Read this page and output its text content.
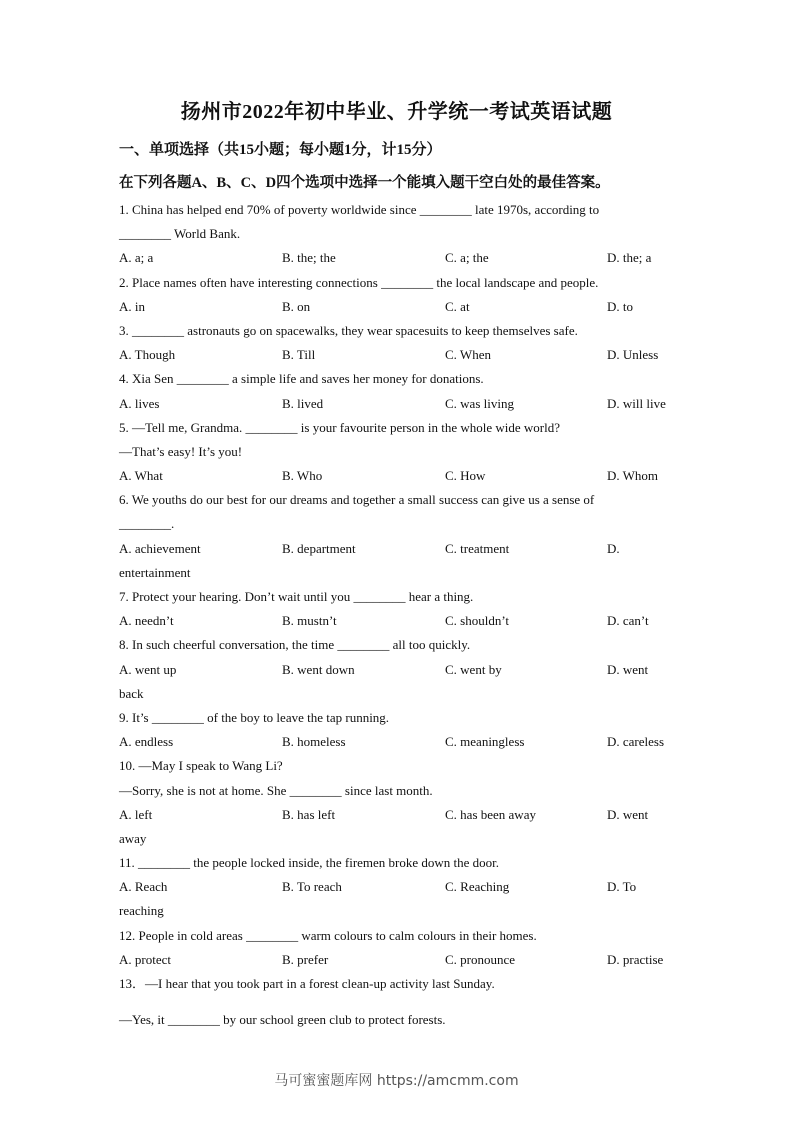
扬州市2022年初中毕业、升学统一考试英语试题
一、单项选择（共15小题；每小题1分，计15分）
在下列各题A、B、C、D四个选项中选择一个能填入题干空白处的最佳答案。
1. China has helped end 70% of poverty worldwide since ________ late 1970s, according to
________ World Bank.
A. a; a	B. the; the	C. a; the	D. the; a
2. Place names often have interesting connections ________ the local landscape and people.
A. in	B. on	C. at	D. to
3. ________ astronauts go on spacewalks, they wear spacesuits to keep themselves safe.
A. Though	B. Till	C. When	D. Unless
4. Xia Sen ________ a simple life and saves her money for donations.
A. lives	B. lived	C. was living	D. will live
5. —Tell me, Grandma. ________ is your favourite person in the whole wide world?
—That’s easy! It’s you!
A. What	B. Who	C. How	D. Whom
6. We youths do our best for our dreams and together a small success can give us a sense of
________.
A. achievement	B. department	C. treatment	D.
entertainment
7. Protect your hearing. Don’t wait until you ________ hear a thing.
A. needn’t	B. mustn’t	C. shouldn’t	D. can’t
8. In such cheerful conversation, the time ________ all too quickly.
A. went up	B. went down	C. went by	D. went
back
9. It’s ________ of the boy to leave the tap running.
A. endless	B. homeless	C. meaningless	D. careless
10. —May I speak to Wang Li?
—Sorry, she is not at home. She ________ since last month.
A. left	B. has left	C. has been away	D. went
away
11. ________ the people locked inside, the firemen broke down the door.
A. Reach	B. To reach	C. Reaching	D. To
reaching
12. People in cold areas ________ warm colours to calm colours in their homes.
A. protect	B. prefer	C. pronounce	D. practise
13．—I hear that you took part in a forest clean-up activity last Sunday.
—Yes, it ________ by our school green club to protect forests.
马可蜜蜜题库网 https://amcmm.com
